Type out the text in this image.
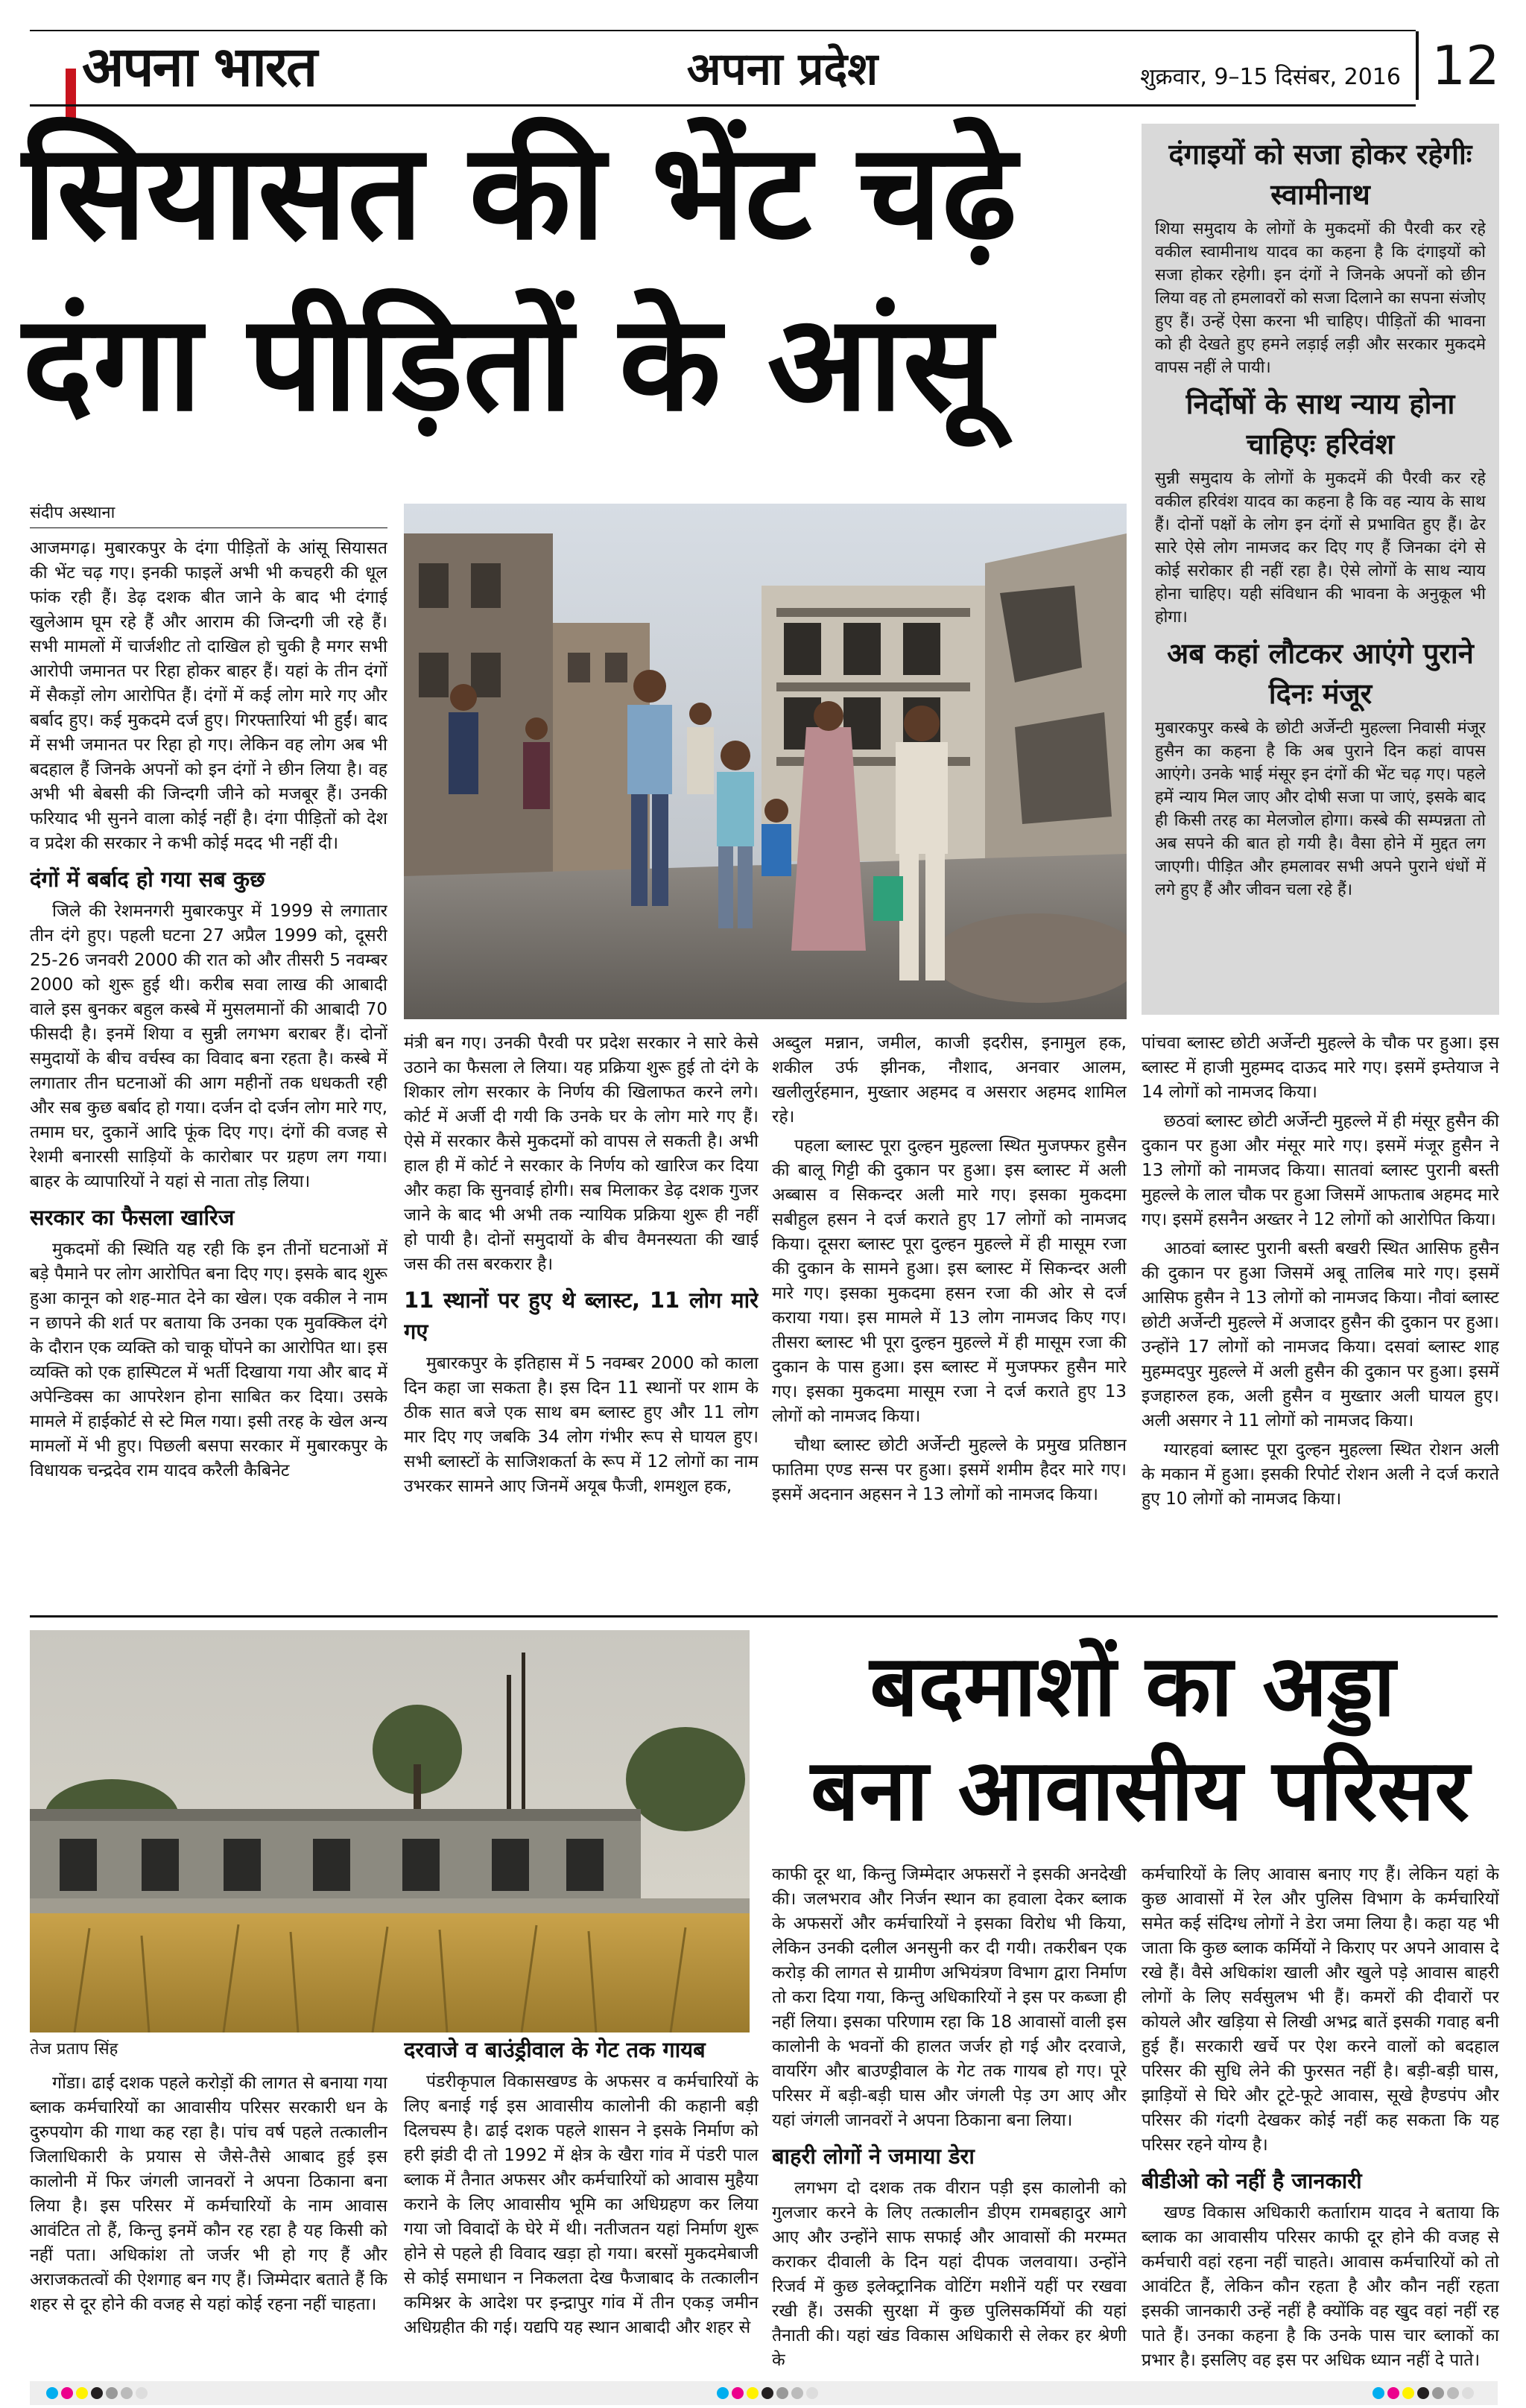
अपना भारत	अपना प्रदेश	शुक्रवार, 9–15 दिसंबर, 2016 12
सियासत की भेंट चढ़े
दंगा पीड़ितों के आंसू
संदीप अस्थाना

आजमगढ़। मुबारकपुर के दंगा पीड़ितों के आंसू सियासत की भेंट चढ़ गए। इनकी फाइलें अभी भी कचहरी की धूल फांक रही हैं। डेढ़ दशक बीत जाने के बाद भी दंगाई खुलेआम घूम रहे हैं और आराम की जिन्दगी जी रहे हैं। सभी मामलों में चार्जशीट तो दाखिल हो चुकी है मगर सभी आरोपी जमानत पर रिहा होकर बाहर हैं। यहां के तीन दंगों में सैकड़ों लोग आरोपित हैं। दंगों में कई लोग मारे गए और बर्बाद हुए। कई मुकदमे दर्ज हुए। गिरफ्तारियां भी हुईं। बाद में सभी जमानत पर रिहा हो गए। लेकिन वह लोग अब भी बदहाल हैं जिनके अपनों को इन दंगों ने छीन लिया है। वह अभी भी बेबसी की जिन्दगी जीने को मजबूर हैं। उनकी फरियाद भी सुनने वाला कोई नहीं है। दंगा पीड़ितों को देश व प्रदेश की सरकार ने कभी कोई मदद भी नहीं दी।

दंगों में बर्बाद हो गया सब कुछ

जिले की रेशमनगरी मुबारकपुर में 1999 से लगातार तीन दंगे हुए। पहली घटना 27 अप्रैल 1999 को, दूसरी 25-26 जनवरी 2000 की रात को और तीसरी 5 नवम्बर 2000 को शुरू हुई थी। करीब सवा लाख की आबादी वाले इस बुनकर बहुल कस्बे में मुसलमानों की आबादी 70 फीसदी है। इनमें शिया व सुन्नी लगभग बराबर हैं। दोनों समुदायों के बीच वर्चस्व का विवाद बना रहता है। कस्बे में लगातार तीन घटनाओं की आग महीनों तक धधकती रही और सब कुछ बर्बाद हो गया। दर्जन दो दर्जन लोग मारे गए, तमाम घर, दुकानें आदि फूंक दिए गए। दंगों की वजह से रेशमी बनारसी साड़ियों के कारोबार पर ग्रहण लग गया। बाहर के व्यापारियों ने यहां से नाता तोड़ लिया।

सरकार का फैसला खारिज

मुकदमों की स्थिति यह रही कि इन तीनों घटनाओं में बड़े पैमाने पर लोग आरोपित बना दिए गए। इसके बाद शुरू हुआ कानून को शह-मात देने का खेल। एक वकील ने नाम न छापने की शर्त पर बताया कि उनका एक मुवक्किल दंगे के दौरान एक व्यक्ति को चाकू घोंपने का आरोपित था। इस व्यक्ति को एक हास्पिटल में भर्ती दिखाया गया और बाद में अपेन्डिक्स का आपरेशन होना साबित कर दिया। उसके मामले में हाईकोर्ट से स्टे मिल गया। इसी तरह के खेल अन्य मामलों में भी हुए। पिछली बसपा सरकार में मुबारकपुर के विधायक चन्द्रदेव राम यादव करैली कैबिनेट

मंत्री बन गए। उनकी पैरवी पर प्रदेश सरकार ने सारे केसे उठाने का फैसला ले लिया। यह प्रक्रिया शुरू हुई तो दंगे के शिकार लोग सरकार के निर्णय की खिलाफत करने लगे। कोर्ट में अर्जी दी गयी कि उनके घर के लोग मारे गए हैं। ऐसे में सरकार कैसे मुकदमों को वापस ले सकती है। अभी हाल ही में कोर्ट ने सरकार के निर्णय को खारिज कर दिया और कहा कि सुनवाई होगी। सब मिलाकर डेढ़ दशक गुजर जाने के बाद भी अभी तक न्यायिक प्रक्रिया शुरू ही नहीं हो पायी है। दोनों समुदायों के बीच वैमनस्यता की खाई जस की तस बरकरार है।

11 स्थानों पर हुए थे ब्लास्ट, 11 लोग मारे गए

मुबारकपुर के इतिहास में 5 नवम्बर 2000 को काला दिन कहा जा सकता है। इस दिन 11 स्थानों पर शाम के ठीक सात बजे एक साथ बम ब्लास्ट हुए और 11 लोग मार दिए गए जबकि 34 लोग गंभीर रूप से घायल हुए। सभी ब्लास्टों के साजिशकर्ता के रूप में 12 लोगों का नाम उभरकर सामने आए जिनमें अयूब फैजी, शमशुल हक,

अब्दुल मन्नान, जमील, काजी इदरीस, इनामुल हक, शकील उर्फ झीनक, नौशाद, अनवार आलम, खलीलुर्रहमान, मुख्तार अहमद व असरार अहमद शामिल रहे।

पहला ब्लास्ट पूरा दुल्हन मुहल्ला स्थित मुजफ्फर हुसैन की बालू गिट्टी की दुकान पर हुआ। इस ब्लास्ट में अली अब्बास व सिकन्दर अली मारे गए। इसका मुकदमा सबीहुल हसन ने दर्ज कराते हुए 17 लोगों को नामजद किया। दूसरा ब्लास्ट पूरा दुल्हन मुहल्ले में ही मासूम रजा की दुकान के सामने हुआ। इस ब्लास्ट में सिकन्दर अली मारे गए। इसका मुकदमा हसन रजा की ओर से दर्ज कराया गया। इस मामले में 13 लोग नामजद किए गए। तीसरा ब्लास्ट भी पूरा दुल्हन मुहल्ले में ही मासूम रजा की दुकान के पास हुआ। इस ब्लास्ट में मुजफ्फर हुसैन मारे गए। इसका मुकदमा मासूम रजा ने दर्ज कराते हुए 13 लोगों को नामजद किया।

चौथा ब्लास्ट छोटी अर्जेन्टी मुहल्ले के प्रमुख प्रतिष्ठान फातिमा एण्ड सन्स पर हुआ। इसमें शमीम हैदर मारे गए। इसमें अदनान अहसन ने 13 लोगों को नामजद किया।

दंगाइयों को सजा होकर रहेगीः स्वामीनाथ
शिया समुदाय के लोगों के मुकदमों की पैरवी कर रहे वकील स्वामीनाथ यादव का कहना है कि दंगाइयों को सजा होकर रहेगी। इन दंगों ने जिनके अपनों को छीन लिया वह तो हमलावरों को सजा दिलाने का सपना संजोए हुए हैं। उन्हें ऐसा करना भी चाहिए। पीड़ितों की भावना को ही देखते हुए हमने लड़ाई लड़ी और सरकार मुकदमे वापस नहीं ले पायी।
निर्दोषों के साथ न्याय होना चाहिएः हरिवंश
सुन्नी समुदाय के लोगों के मुकदमें की पैरवी कर रहे वकील हरिवंश यादव का कहना है कि वह न्याय के साथ हैं। दोनों पक्षों के लोग इन दंगों से प्रभावित हुए हैं। ढेर सारे ऐसे लोग नामजद कर दिए गए हैं जिनका दंगे से कोई सरोकार ही नहीं रहा है। ऐसे लोगों के साथ न्याय होना चाहिए। यही संविधान की भावना के अनुकूल भी होगा।
अब कहां लौटकर आएंगे पुराने दिनः मंजूर
मुबारकपुर कस्बे के छोटी अर्जेन्टी मुहल्ला निवासी मंजूर हुसैन का कहना है कि अब पुराने दिन कहां वापस आएंगे। उनके भाई मंसूर इन दंगों की भेंट चढ़ गए। पहले हमें न्याय मिल जाए और दोषी सजा पा जाएं, इसके बाद ही किसी तरह का मेलजोल होगा। कस्बे की सम्पन्नता तो अब सपने की बात हो गयी है। वैसा होने में मुद्दत लग जाएगी। पीड़ित और हमलावर सभी अपने पुराने धंधों में लगे हुए हैं और जीवन चला रहे हैं।

पांचवा ब्लास्ट छोटी अर्जेन्टी मुहल्ले के चौक पर हुआ। इस ब्लास्ट में हाजी मुहम्मद दाऊद मारे गए। इसमें इम्तेयाज ने 14 लोगों को नामजद किया।

छठवां ब्लास्ट छोटी अर्जेन्टी मुहल्ले में ही मंसूर हुसैन की दुकान पर हुआ और मंसूर मारे गए। इसमें मंजूर हुसैन ने 13 लोगों को नामजद किया। सातवां ब्लास्ट पुरानी बस्ती मुहल्ले के लाल चौक पर हुआ जिसमें आफताब अहमद मारे गए। इसमें हसनैन अख्तर ने 12 लोगों को आरोपित किया।

आठवां ब्लास्ट पुरानी बस्ती बखरी स्थित आसिफ हुसैन की दुकान पर हुआ जिसमें अबू तालिब मारे गए। इसमें आसिफ हुसैन ने 13 लोगों को नामजद किया। नौवां ब्लास्ट छोटी अर्जेन्टी मुहल्ले में अजादर हुसैन की दुकान पर हुआ। उन्होंने 17 लोगों को नामजद किया। दसवां ब्लास्ट शाह मुहम्मदपुर मुहल्ले में अली हुसैन की दुकान पर हुआ। इसमें इजहारुल हक, अली हुसैन व मुख्तार अली घायल हुए। अली असगर ने 11 लोगों को नामजद किया।

ग्यारहवां ब्लास्ट पूरा दुल्हन मुहल्ला स्थित रोशन अली के मकान में हुआ। इसकी रिपोर्ट रोशन अली ने दर्ज कराते हुए 10 लोगों को नामजद किया।

तेज प्रताप सिंह
बदमाशों का अड्डा
बना आवासीय परिसर

गोंडा। ढाई दशक पहले करोड़ों की लागत से बनाया गया ब्लाक कर्मचारियों का आवासीय परिसर सरकारी धन के दुरुपयोग की गाथा कह रहा है। पांच वर्ष पहले तत्कालीन जिलाधिकारी के प्रयास से जैसे-तैसे आबाद हुई इस कालोनी में फिर जंगली जानवरों ने अपना ठिकाना बना लिया है। इस परिसर में कर्मचारियों के नाम आवास आवंटित तो हैं, किन्तु इनमें कौन रह रहा है यह किसी को नहीं पता। अधिकांश तो जर्जर भी हो गए हैं और अराजकतत्वों की ऐशगाह बन गए हैं। जिम्मेदार बताते हैं कि शहर से दूर होने की वजह से यहां कोई रहना नहीं चाहता।

दरवाजे व बाउंड्रीवाल के गेट तक गायब

पंडरीकृपाल विकासखण्ड के अफसर व कर्मचारियों के लिए बनाई गई इस आवासीय कालोनी की कहानी बड़ी दिलचस्प है। ढाई दशक पहले शासन ने इसके निर्माण को हरी झंडी दी तो 1992 में क्षेत्र के खैरा गांव में पंडरी पाल ब्लाक में तैनात अफसर और कर्मचारियों को आवास मुहैया कराने के लिए आवासीय भूमि का अधिग्रहण कर लिया गया जो विवादों के घेरे में थी। नतीजतन यहां निर्माण शुरू होने से पहले ही विवाद खड़ा हो गया। बरसों मुकदमेबाजी से कोई समाधान न निकलता देख फैजाबाद के तत्कालीन कमिश्नर के आदेश पर इन्द्रापुर गांव में तीन एकड़ जमीन अधिग्रहीत की गई। यद्यपि यह स्थान आबादी और शहर से

काफी दूर था, किन्तु जिम्मेदार अफसरों ने इसकी अनदेखी की। जलभराव और निर्जन स्थान का हवाला देकर ब्लाक के अफसरों और कर्मचारियों ने इसका विरोध भी किया, लेकिन उनकी दलील अनसुनी कर दी गयी। तकरीबन एक करोड़ की लागत से ग्रामीण अभियंत्रण विभाग द्वारा निर्माण तो करा दिया गया, किन्तु अधिकारियों ने इस पर कब्जा ही नहीं लिया। इसका परिणाम रहा कि 18 आवासों वाली इस कालोनी के भवनों की हालत जर्जर हो गई और दरवाजे, वायरिंग और बाउण्ड्रीवाल के गेट तक गायब हो गए। पूरे परिसर में बड़ी-बड़ी घास और जंगली पेड़ उग आए और यहां जंगली जानवरों ने अपना ठिकाना बना लिया।

बाहरी लोगों ने जमाया डेरा

लगभग दो दशक तक वीरान पड़ी इस कालोनी को गुलजार करने के लिए तत्कालीन डीएम रामबहादुर आगे आए और उन्होंने साफ सफाई और आवासों की मरम्मत कराकर दीवाली के दिन यहां दीपक जलवाया। उन्होंने रिजर्व में कुछ इलेक्ट्रानिक वोटिंग मशीनें यहीं पर रखवा रखी हैं। उसकी सुरक्षा में कुछ पुलिसकर्मियों की यहां तैनाती की। यहां खंड विकास अधिकारी से लेकर हर श्रेणी के

कर्मचारियों के लिए आवास बनाए गए हैं। लेकिन यहां के कुछ आवासों में रेल और पुलिस विभाग के कर्मचारियों समेत कई संदिग्ध लोगों ने डेरा जमा लिया है। कहा यह भी जाता कि कुछ ब्लाक कर्मियों ने किराए पर अपने आवास दे रखे हैं। वैसे अधिकांश खाली और खुले पड़े आवास बाहरी लोगों के लिए सर्वसुलभ भी हैं। कमरों की दीवारों पर कोयले और खड़िया से लिखी अभद्र बातें इसकी गवाह बनी हुई हैं। सरकारी खर्चे पर ऐश करने वालों को बदहाल परिसर की सुधि लेने की फुरसत नहीं है। बड़ी-बड़ी घास, झाड़ियों से घिरे और टूटे-फूटे आवास, सूखे हैण्डपंप और परिसर की गंदगी देखकर कोई नहीं कह सकता कि यह परिसर रहने योग्य है।

बीडीओ को नहीं है जानकारी

खण्ड विकास अधिकारी कर्तााराम यादव ने बताया कि ब्लाक का आवासीय परिसर काफी दूर होने की वजह से कर्मचारी वहां रहना नहीं चाहते। आवास कर्मचारियों को तो आवंटित हैं, लेकिन कौन रहता है और कौन नहीं रहता इसकी जानकारी उन्हें नहीं है क्योंकि वह खुद वहां नहीं रह पाते हैं। उनका कहना है कि उनके पास चार ब्लाकों का प्रभार है। इसलिए वह इस पर अधिक ध्यान नहीं दे पाते।
